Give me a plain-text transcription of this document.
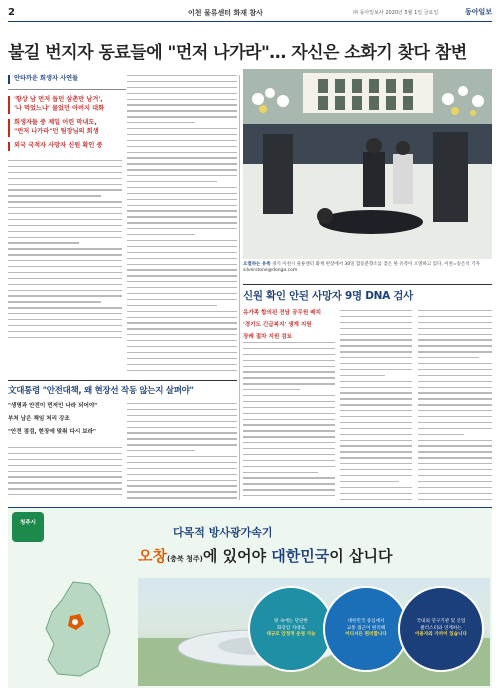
2	이천 물류센터 화재 참사	㈜ 동아일보사 2020년 5월 1일 금요일	동아일보
불길 번지자 동료들에 "먼저 나가라"… 자신은 소화기 찾다 참변
안타까운 희생자 사연들
'항상 남 먼저 돕던 삼촌만 남겨',
'나 먹었느냐' 물었던 아버지 대화
희생자들 중 제일 어린 막내도,
"먼저 나가라"던 팀장님의 희생
외국 국적자 사망자 신원 확인 중
오열하는 유족 경기 이천시 물류센터 화재 현장에서 30일 합동분향소를 찾은 한 유족이 오열하고 있다. 이천=송은석 기자 silverstone@donga.com
신원 확인 안된 사망자 9명 DNA 검사
유가족 합의된 전담 공무원 배치
'경기도 긴급복지' 생계 지원
장례 절차 지원 검토
文대통령 "안전대책, 왜 현장선 작동 않는지 살펴야"
"생명과 안전이 먼저인 나라 되어야"
부처 남은 책임 처리 강조
"안전 점검, 현장에 맞춰 다시 보라"
청주시
다목적 방사광가속기
오창(충북 청주)에 있어야 대한민국이 삽니다
왕 속에는 단단한
화강암 지대로
대규모 안정적 운영 가능
대한민국 중심에서
교통 접근이 편리해
어디서든 편리합니다
국내외 연구기관 및 산업
클러스터와 연계하는
이용자와 가까이 있습니다
